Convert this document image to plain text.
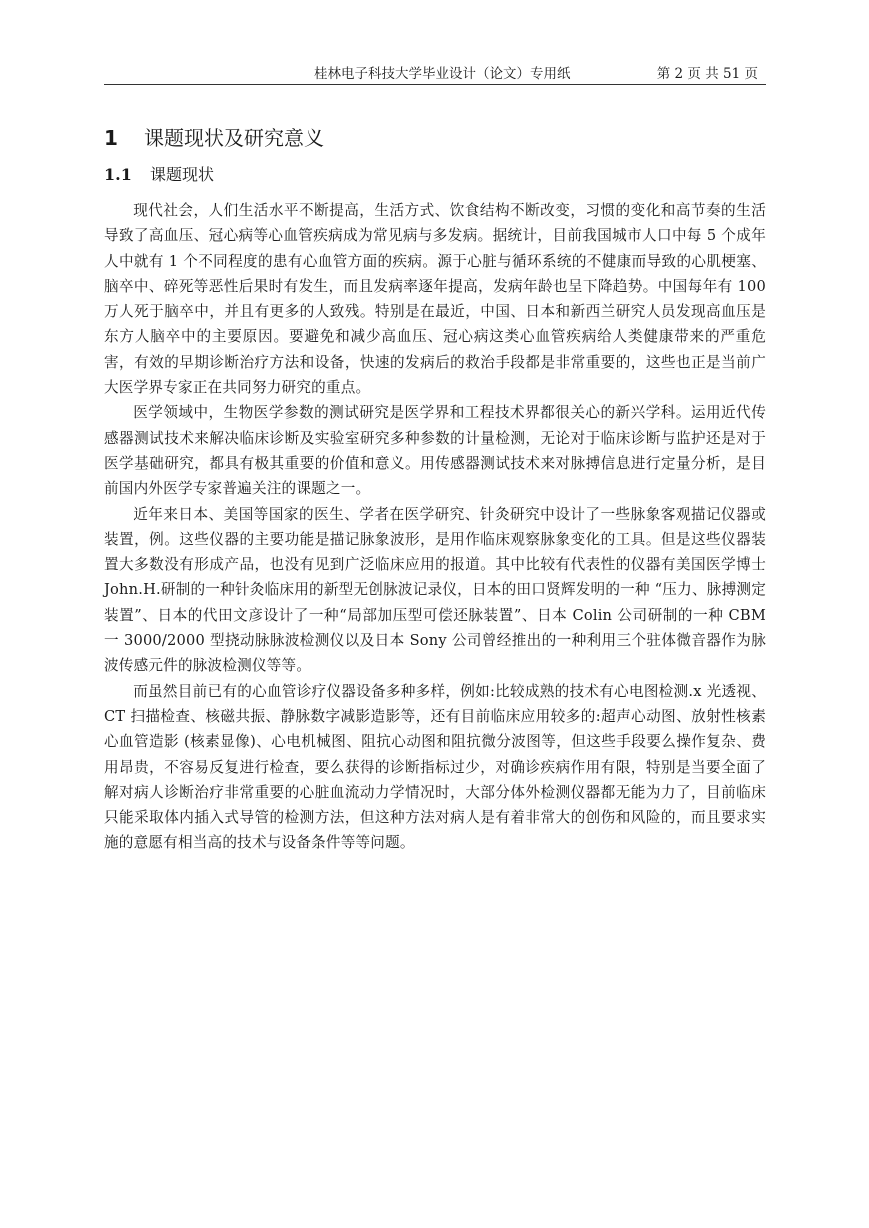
桂林电子科技大学毕业设计（论文）专用纸	第 2 页 共 51 页
1 课题现状及研究意义
1.1 课题现状

现代社会，人们生活水平不断提高，生活方式、饮食结构不断改变，习惯的变化和高节奏的生活导致了高血压、冠心病等心血管疾病成为常见病与多发病。据统计，目前我国城市人口中每 5 个成年人中就有 1 个不同程度的患有心血管方面的疾病。源于心脏与循环系统的不健康而导致的心肌梗塞、脑卒中、碎死等恶性后果时有发生，而且发病率逐年提高，发病年龄也呈下降趋势。中国每年有 100 万人死于脑卒中，并且有更多的人致残。特别是在最近，中国、日本和新西兰研究人员发现高血压是东方人脑卒中的主要原因。要避免和减少高血压、冠心病这类心血管疾病给人类健康带来的严重危害，有效的早期诊断治疗方法和设备，快速的发病后的救治手段都是非常重要的，这些也正是当前广大医学界专家正在共同努力研究的重点。

医学领域中，生物医学参数的测试研究是医学界和工程技术界都很关心的新兴学科。运用近代传感器测试技术来解决临床诊断及实验室研究多种参数的计量检测，无论对于临床诊断与监护还是对于医学基础研究，都具有极其重要的价值和意义。用传感器测试技术来对脉搏信息进行定量分析，是目前国内外医学专家普遍关注的课题之一。

近年来日本、美国等国家的医生、学者在医学研究、针灸研究中设计了一些脉象客观描记仪器或装置，例。这些仪器的主要功能是描记脉象波形，是用作临床观察脉象变化的工具。但是这些仪器装置大多数没有形成产品，也没有见到广泛临床应用的报道。其中比较有代表性的仪器有美国医学博士 John.H.研制的一种针灸临床用的新型无创脉波记录仪，日本的田口贤辉发明的一种 “压力、脉搏测定装置”、日本的代田文彦设计了一种“局部加压型可偿还脉装置”、日本 Colin 公司研制的一种 CBM 一 3000/2000 型挠动脉脉波检测仪以及日本 Sony 公司曾经推出的一种利用三个驻体微音器作为脉波传感元件的脉波检测仪等等。

而虽然目前已有的心血管诊疗仪器设备多种多样，例如:比较成熟的技术有心电图检测.x 光透视、CT 扫描检查、核磁共振、静脉数字减影造影等，还有目前临床应用较多的:超声心动图、放射性核素心血管造影 (核素显像)、心电机械图、阻抗心动图和阻抗微分波图等，但这些手段要么操作复杂、费用昂贵，不容易反复进行检查，要么获得的诊断指标过少，对确诊疾病作用有限，特别是当要全面了解对病人诊断治疗非常重要的心脏血流动力学情况时，大部分体外检测仪器都无能为力了，目前临床只能采取体内插入式导管的检测方法，但这种方法对病人是有着非常大的创伤和风险的，而且要求实施的意愿有相当高的技术与设备条件等等问题。
